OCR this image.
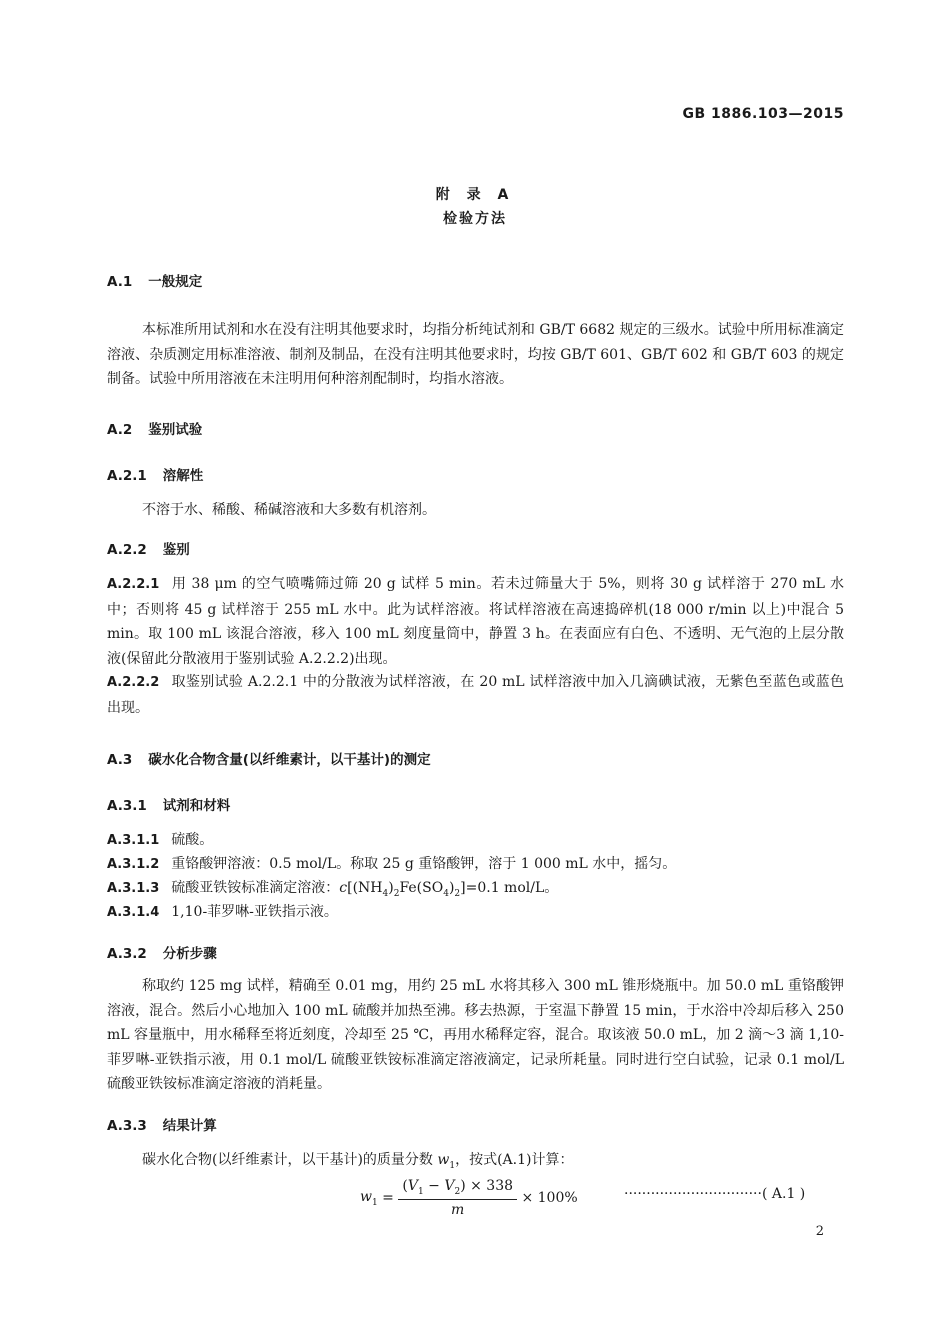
GB 1886.103—2015
附 录 A
检验方法
A.1 一般规定
本标准所用试剂和水在没有注明其他要求时，均指分析纯试剂和 GB/T 6682 规定的三级水。试验中所用标准滴定溶液、杂质测定用标准溶液、制剂及制品，在没有注明其他要求时，均按 GB/T 601、GB/T 602 和 GB/T 603 的规定制备。试验中所用溶液在未注明用何种溶剂配制时，均指水溶液。
A.2 鉴别试验
A.2.1 溶解性
不溶于水、稀酸、稀碱溶液和大多数有机溶剂。
A.2.2 鉴别
A.2.2.1 用 38 μm 的空气喷嘴筛过筛 20 g 试样 5 min。若未过筛量大于 5%，则将 30 g 试样溶于 270 mL 水中；否则将 45 g 试样溶于 255 mL 水中。此为试样溶液。将试样溶液在高速捣碎机(18 000 r/min 以上)中混合 5 min。取 100 mL 该混合溶液，移入 100 mL 刻度量筒中，静置 3 h。在表面应有白色、不透明、无气泡的上层分散液(保留此分散液用于鉴别试验 A.2.2.2)出现。
A.2.2.2 取鉴别试验 A.2.2.1 中的分散液为试样溶液，在 20 mL 试样溶液中加入几滴碘试液，无紫色至蓝色或蓝色出现。
A.3 碳水化合物含量(以纤维素计，以干基计)的测定
A.3.1 试剂和材料
A.3.1.1 硫酸。
A.3.1.2 重铬酸钾溶液：0.5 mol/L。称取 25 g 重铬酸钾，溶于 1 000 mL 水中，摇匀。
A.3.1.3 硫酸亚铁铵标准滴定溶液：$c[(NH_4)_2Fe(SO_4)_2]=0.1$ mol/L。
A.3.1.4 1,10-菲罗啉-亚铁指示液。
A.3.2 分析步骤
称取约 125 mg 试样，精确至 0.01 mg，用约 25 mL 水将其移入 300 mL 锥形烧瓶中。加 50.0 mL 重铬酸钾溶液，混合。然后小心地加入 100 mL 硫酸并加热至沸。移去热源，于室温下静置 15 min，于水浴中冷却后移入 250 mL 容量瓶中，用水稀释至将近刻度，冷却至 25 ℃，再用水稀释定容，混合。取该液 50.0 mL，加 2 滴～3 滴 1,10-菲罗啉-亚铁指示液，用 0.1 mol/L 硫酸亚铁铵标准滴定溶液滴定，记录所耗量。同时进行空白试验，记录 0.1 mol/L 硫酸亚铁铵标准滴定溶液的消耗量。
A.3.3 结果计算
碳水化合物(以纤维素计，以干基计)的质量分数 $w_1$，按式(A.1)计算：
$w_1 = \frac{(V_1 - V_2) \times 338}{m} \times 100\%$	·······························( A.1 )
2
